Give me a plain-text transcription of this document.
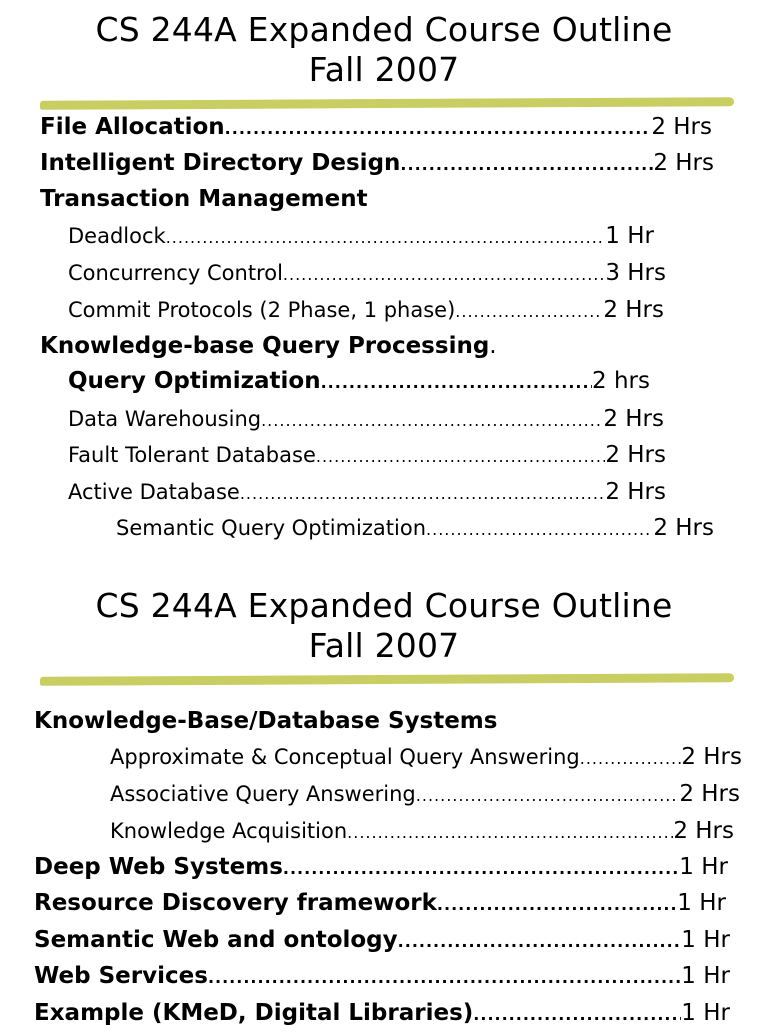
CS 244A Expanded Course Outline
Fall 2007
File Allocation .....	2 Hrs
Intelligent Directory Design .....	2 Hrs
Transaction Management
Deadlock .....	1 Hr
Concurrency Control .....	3 Hrs
Commit Protocols (2 Phase, 1 phase) .....	2 Hrs
Knowledge-base Query Processing .
Query Optimization .....	2 hrs
Data Warehousing .....	2 Hrs
Fault Tolerant Database .....	2 Hrs
Active Database .....	2 Hrs
Semantic Query Optimization .....	2 Hrs
CS 244A Expanded Course Outline
Fall 2007
Knowledge-Base/Database Systems
Approximate & Conceptual Query Answering .....	2 Hrs
Associative Query Answering .....	2 Hrs
Knowledge Acquisition .....	2 Hrs
Deep Web Systems .....	1 Hr
Resource Discovery framework .....	1 Hr
Semantic Web and ontology .....	1 Hr
Web Services .....	1 Hr
Example (KMeD, Digital Libraries) .....	1 Hr
